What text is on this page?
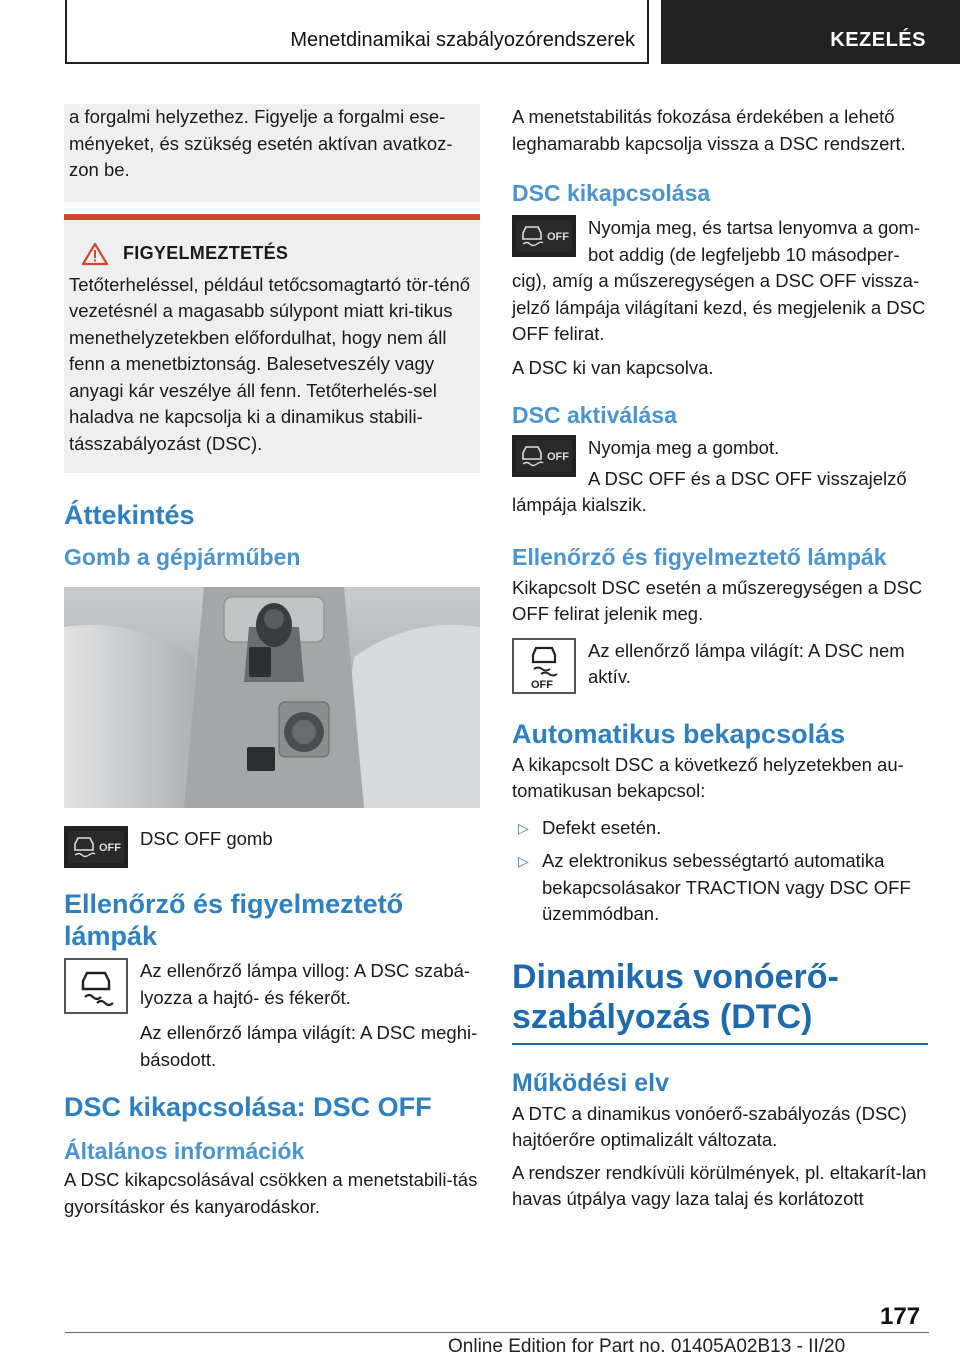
Menetdinamikai szabályozórendszerek	KEZELÉS

a forgalmi helyzethez. Figyelje a forgalmi ese-ményeket, és szükség esetén aktívan avatkoz-zon be.

FIGYELMEZTETÉS

Tetőterheléssel, például tetőcsomagtartó tör-ténő vezetésnél a magasabb súlypont miatt kri-tikus menethelyzetekben előfordulhat, hogy nem áll fenn a menetbiztonság. Balesetveszély vagy anyagi kár veszélye áll fenn. Tetőterhelés-sel haladva ne kapcsolja ki a dinamikus stabili-tásszabályozást (DSC).

Áttekintés
Gomb a gépjárműben
OFF	DSC OFF gomb

Ellenőrző és figyelmeztető lámpák

Az ellenőrző lámpa villog: A DSC szabá-lyozza a hajtó- és fékerőt.

Az ellenőrző lámpa világít: A DSC meghi-básodott.

DSC kikapcsolása: DSC OFF
Általános információk

A DSC kikapcsolásával csökken a menetstabili-tás gyorsításkor és kanyarodáskor.

A menetstabilitás fokozása érdekében a lehető leghamarabb kapcsolja vissza a DSC rendszert.

DSC kikapcsolása
OFF	Nyomja meg, és tartsa lenyomva a gom-bot addig (de legfeljebb 10 másodper-

cig), amíg a műszeregységen a DSC OFF vissza-jelző lámpája világítani kezd, és megjelenik a DSC OFF felirat.

A DSC ki van kapcsolva.

DSC aktiválása
OFF Nyomja meg a gombot.

A DSC OFF és a DSC OFF visszajelző

lámpája kialszik.

Ellenőrző és figyelmeztető lámpák

Kikapcsolt DSC esetén a műszeregységen a DSC OFF felirat jelenik meg.

OFF

Az ellenőrző lámpa világít: A DSC nem aktív.

Automatikus bekapcsolás

A kikapcsolt DSC a következő helyzetekben au-tomatikusan bekapcsol:

▷ Defekt esetén.
▷ Az elektronikus sebességtartó automatika bekapcsolásakor TRACTION vagy DSC OFF üzemmódban.
Dinamikus vonóerő-szabályozás (DTC)
Működési elv

A DTC a dinamikus vonóerő-szabályozás (DSC) hajtóerőre optimalizált változata.

A rendszer rendkívüli körülmények, pl. eltakarít-lan havas útpálya vagy laza talaj és korlátozott

177
Online Edition for Part no. 01405A02B13 - II/20
